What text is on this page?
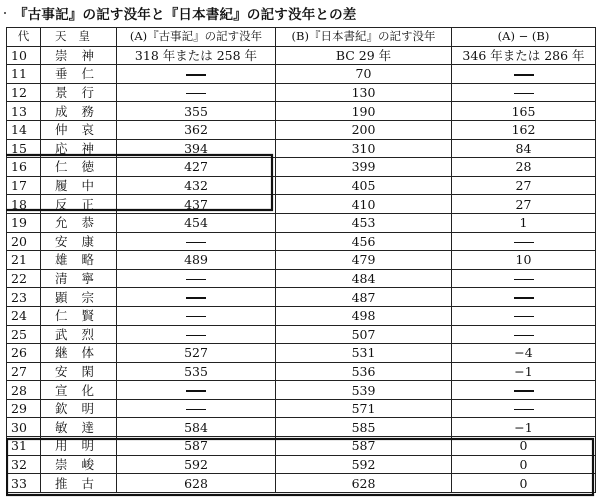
『古事記』の記す没年と『日本書紀』の記す没年との差
代	天皇	(A)『古事記』の記す没年	(B)『日本書紀』の記す没年	(A) − (B)
10	崇神	318 年または 258 年	BC 29 年	346 年または 286 年
11	垂仁		70	
12	景行		130	
13	成務	355	190	165
14	仲哀	362	200	162
15	応神	394	310	84
16	仁徳	427	399	28
17	履中	432	405	27
18	反正	437	410	27
19	允恭	454	453	1
20	安康		456	
21	雄略	489	479	10
22	清寧		484	
23	顕宗		487	
24	仁賢		498	
25	武烈		507	
26	継体	527	531	−4
27	安閑	535	536	−1
28	宣化		539	
29	欽明		571	
30	敏達	584	585	−1
31	用明	587	587	0
32	崇峻	592	592	0
33	推古	628	628	0
